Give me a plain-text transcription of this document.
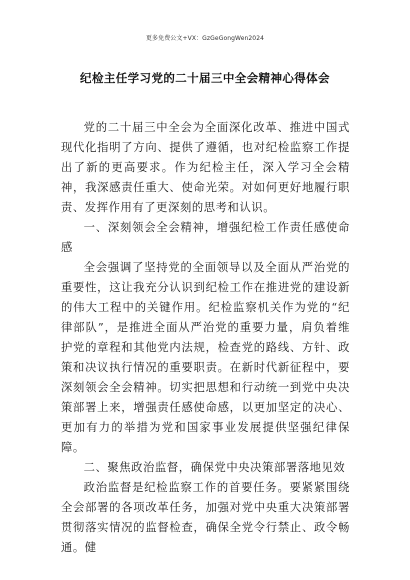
更多免费公文+VX：GzGeGongWen2024
纪检主任学习党的二十届三中全会精神心得体会

党的二十届三中全会为全面深化改革、推进中国式现代化指明了方向、提供了遵循，也对纪检监察工作提出了新的更高要求。作为纪检主任，深入学习全会精神，我深感责任重大、使命光荣。对如何更好地履行职责、发挥作用有了更深刻的思考和认识。

一、深刻领会全会精神，增强纪检工作责任感使命感

全会强调了坚持党的全面领导以及全面从严治党的重要性，这让我充分认识到纪检工作在推进党的建设新的伟大工程中的关键作用。纪检监察机关作为党的“纪律部队”，是推进全面从严治党的重要力量，肩负着维护党的章程和其他党内法规，检查党的路线、方针、政策和决议执行情况的重要职责。在新时代新征程中，要深刻领会全会精神。切实把思想和行动统一到党中央决策部署上来，增强责任感使命感，以更加坚定的决心、更加有力的举措为党和国家事业发展提供坚强纪律保障。

二、聚焦政治监督，确保党中央决策部署落地见效

政治监督是纪检监察工作的首要任务。要紧紧围绕全会部署的各项改革任务，加强对党中央重大决策部署贯彻落实情况的监督检查，确保全党令行禁止、政令畅通。健
